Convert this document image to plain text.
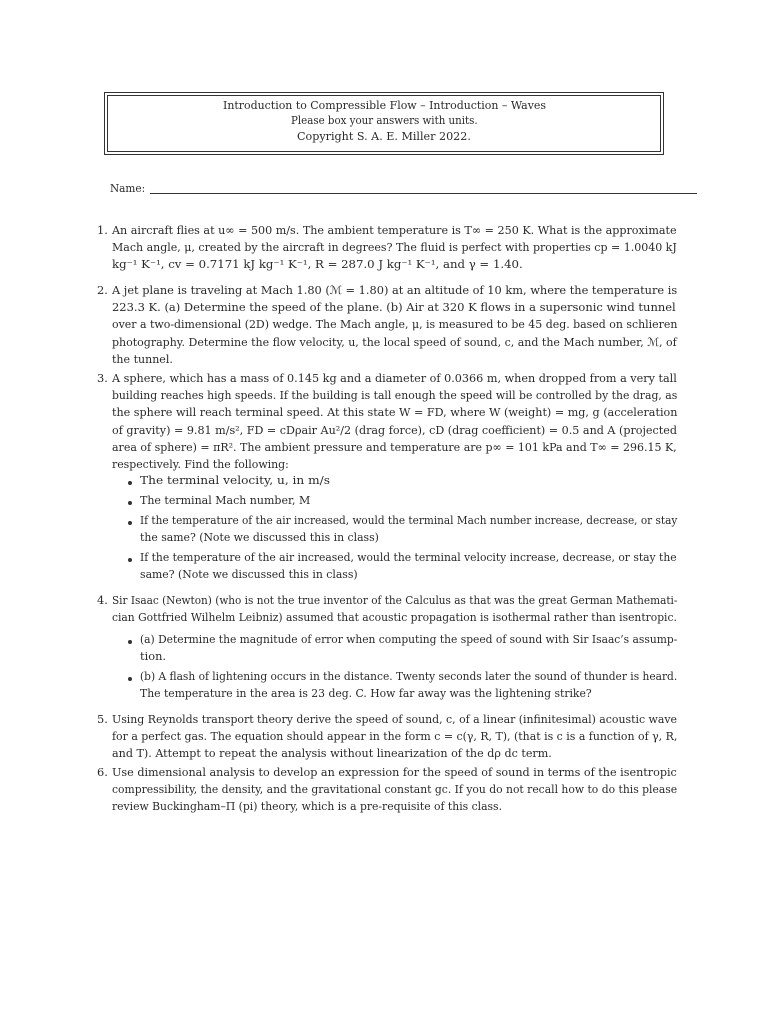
Introduction to Compressible Flow – Introduction – Waves
Please box your answers with units.
Copyright S. A. E. Miller 2022.
Name:
1. An aircraft flies at u∞ = 500 m/s. The ambient temperature is T∞ = 250 K. What is the approximate
Mach angle, μ, created by the aircraft in degrees? The fluid is perfect with properties cp = 1.0040 kJ
kg⁻¹ K⁻¹, cv = 0.7171 kJ kg⁻¹ K⁻¹, R = 287.0 J kg⁻¹ K⁻¹, and γ = 1.40.
2. A jet plane is traveling at Mach 1.80 (ℳ = 1.80) at an altitude of 10 km, where the temperature is
223.3 K. (a) Determine the speed of the plane. (b) Air at 320 K flows in a supersonic wind tunnel
over a two-dimensional (2D) wedge. The Mach angle, μ, is measured to be 45 deg. based on schlieren
photography. Determine the flow velocity, u, the local speed of sound, c, and the Mach number, ℳ, of
the tunnel.
3. A sphere, which has a mass of 0.145 kg and a diameter of 0.0366 m, when dropped from a very tall
building reaches high speeds. If the building is tall enough the speed will be controlled by the drag, as
the sphere will reach terminal speed. At this state W = FD, where W (weight) = mg, g (acceleration
of gravity) = 9.81 m/s², FD = cDρair Au²/2 (drag force), cD (drag coefficient) = 0.5 and A (projected
area of sphere) = πR². The ambient pressure and temperature are p∞ = 101 kPa and T∞ = 296.15 K,
respectively. Find the following:
The terminal velocity, u, in m/s
The terminal Mach number, M
If the temperature of the air increased, would the terminal Mach number increase, decrease, or stay
the same? (Note we discussed this in class)
If the temperature of the air increased, would the terminal velocity increase, decrease, or stay the
same? (Note we discussed this in class)
4. Sir Isaac (Newton) (who is not the true inventor of the Calculus as that was the great German Mathemati-
cian Gottfried Wilhelm Leibniz) assumed that acoustic propagation is isothermal rather than isentropic.
(a) Determine the magnitude of error when computing the speed of sound with Sir Isaac’s assump-
tion.
(b) A flash of lightening occurs in the distance. Twenty seconds later the sound of thunder is heard.
The temperature in the area is 23 deg. C. How far away was the lightening strike?
5. Using Reynolds transport theory derive the speed of sound, c, of a linear (infinitesimal) acoustic wave
for a perfect gas. The equation should appear in the form c = c(γ, R, T), (that is c is a function of γ, R,
and T). Attempt to repeat the analysis without linearization of the dρ dc term.
6. Use dimensional analysis to develop an expression for the speed of sound in terms of the isentropic
compressibility, the density, and the gravitational constant gc. If you do not recall how to do this please
review Buckingham–Π (pi) theory, which is a pre-requisite of this class.
